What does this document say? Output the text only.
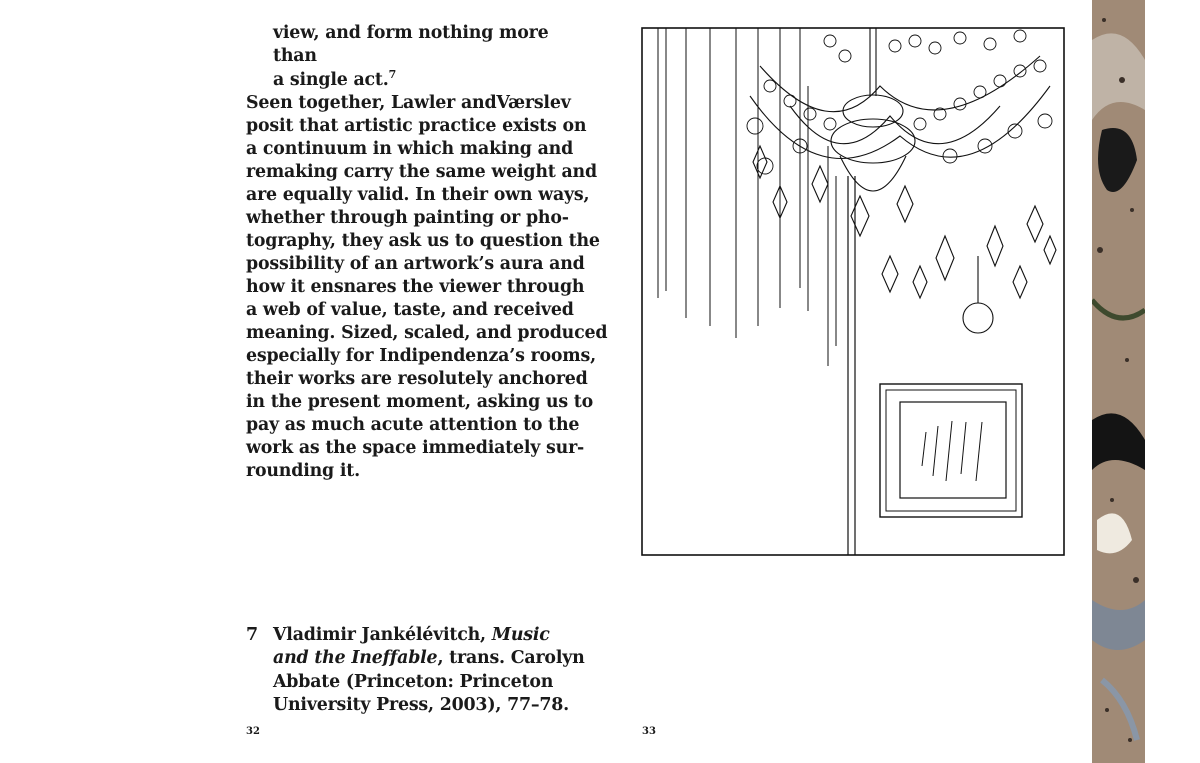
view, and form nothing more than
a single act.$^7$
Seen together, Lawler andVærslev
posit that artistic practice exists on
a continuum in which making and
remaking carry the same weight and
are equally valid. In their own ways,
whether through painting or pho-
tography, they ask us to question the
possibility of an artwork’s aura and
how it ensnares the viewer through
a web of value, taste, and received
meaning. Sized, scaled, and produced
especially for Indipendenza’s rooms,
their works are resolutely anchored
in the present moment, asking us to
pay as much acute attention to the
work as the space immediately sur-
rounding it.
7 Vladimir Jankélévitch, Music
and the Ineffable, trans. Carolyn
Abbate (Princeton: Princeton
University Press, 2003), 77–78.
32	33
